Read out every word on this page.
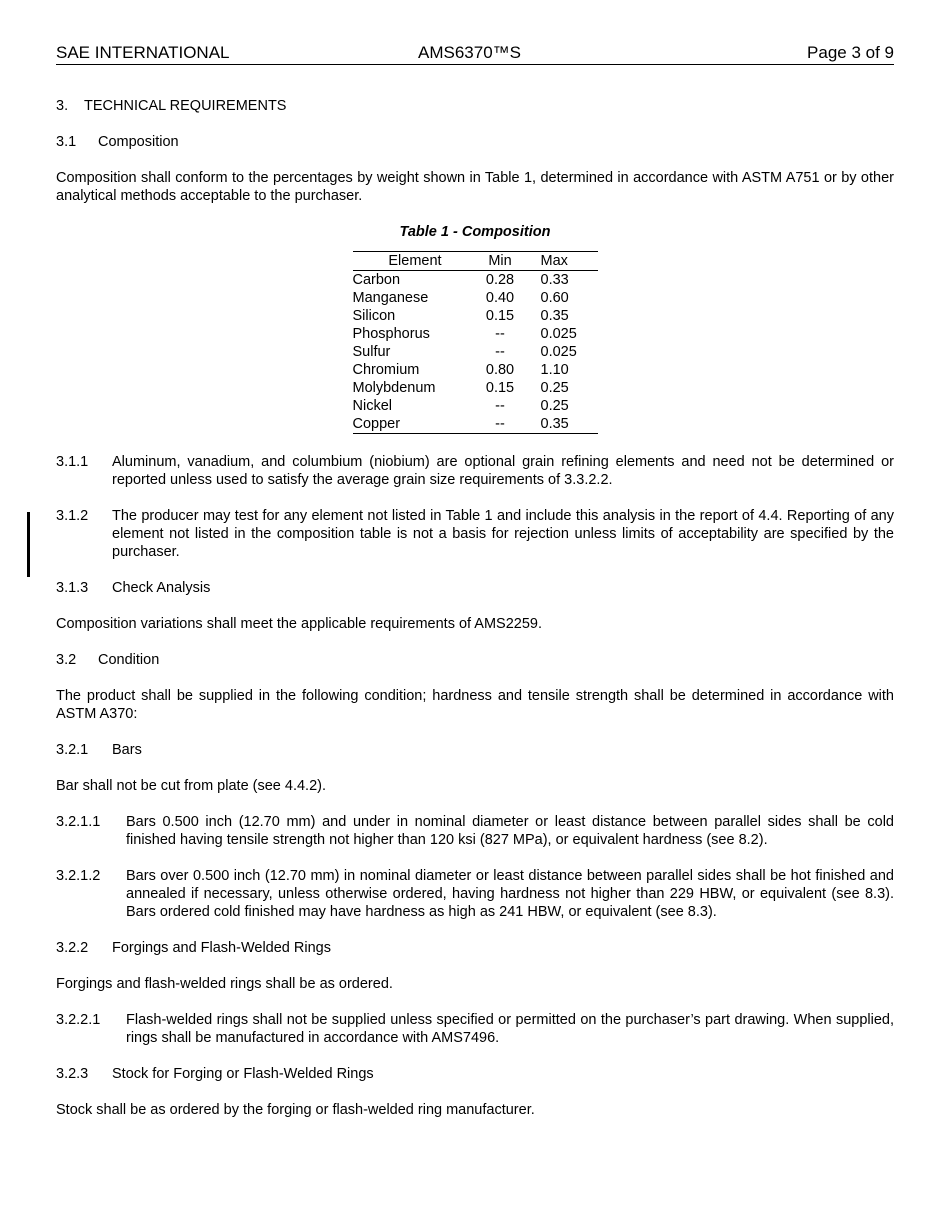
SAE INTERNATIONAL	AMS6370™S	Page 3 of 9
3. TECHNICAL REQUIREMENTS
3.1 Composition
Composition shall conform to the percentages by weight shown in Table 1, determined in accordance with ASTM A751 or by other analytical methods acceptable to the purchaser.
Table 1 - Composition
Element	Min	Max
Carbon	0.28	0.33
Manganese	0.40	0.60
Silicon	0.15	0.35
Phosphorus	--	0.025
Sulfur	--	0.025
Chromium	0.80	1.10
Molybdenum	0.15	0.25
Nickel	--	0.25
Copper	--	0.35
3.1.1	Aluminum, vanadium, and columbium (niobium) are optional grain refining elements and need not be determined or reported unless used to satisfy the average grain size requirements of 3.3.2.2.
3.1.2	The producer may test for any element not listed in Table 1 and include this analysis in the report of 4.4. Reporting of any element not listed in the composition table is not a basis for rejection unless limits of acceptability are specified by the purchaser.
3.1.3 Check Analysis
Composition variations shall meet the applicable requirements of AMS2259.
3.2 Condition
The product shall be supplied in the following condition; hardness and tensile strength shall be determined in accordance with ASTM A370:
3.2.1 Bars
Bar shall not be cut from plate (see 4.4.2).
3.2.1.1	Bars 0.500 inch (12.70 mm) and under in nominal diameter or least distance between parallel sides shall be cold finished having tensile strength not higher than 120 ksi (827 MPa), or equivalent hardness (see 8.2).
3.2.1.2	Bars over 0.500 inch (12.70 mm) in nominal diameter or least distance between parallel sides shall be hot finished and annealed if necessary, unless otherwise ordered, having hardness not higher than 229 HBW, or equivalent (see 8.3). Bars ordered cold finished may have hardness as high as 241 HBW, or equivalent (see 8.3).
3.2.2 Forgings and Flash-Welded Rings
Forgings and flash-welded rings shall be as ordered.
3.2.2.1	Flash-welded rings shall not be supplied unless specified or permitted on the purchaser’s part drawing. When supplied, rings shall be manufactured in accordance with AMS7496.
3.2.3 Stock for Forging or Flash-Welded Rings
Stock shall be as ordered by the forging or flash-welded ring manufacturer.
